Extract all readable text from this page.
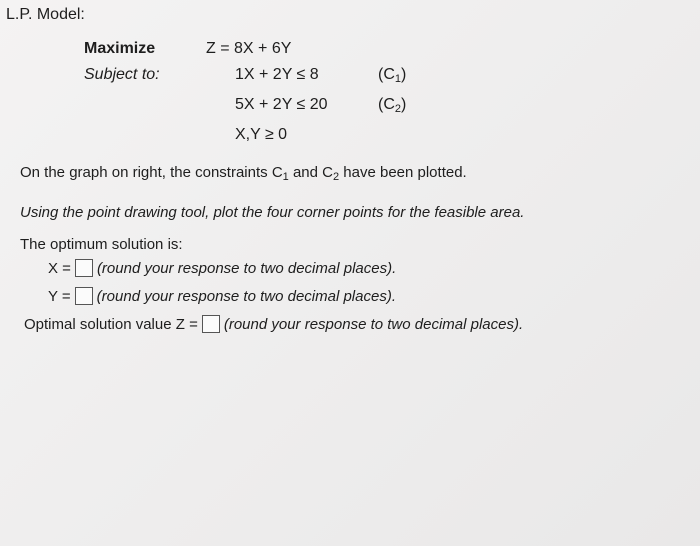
L.P. Model:
Maximize	Z = 8X + 6Y
Subject to:	1X + 2Y ≤ 8	$(C_1)$
5X + 2Y ≤ 20	$(C_2)$
X,Y ≥ 0
On the graph on right, the constraints $C_1$ and $C_2$ have been plotted.
Using the point drawing tool, plot the four corner points for the feasible area.
The optimum solution is:
X = (round your response to two decimal places).
Y = (round your response to two decimal places).
Optimal solution value Z = (round your response to two decimal places).
